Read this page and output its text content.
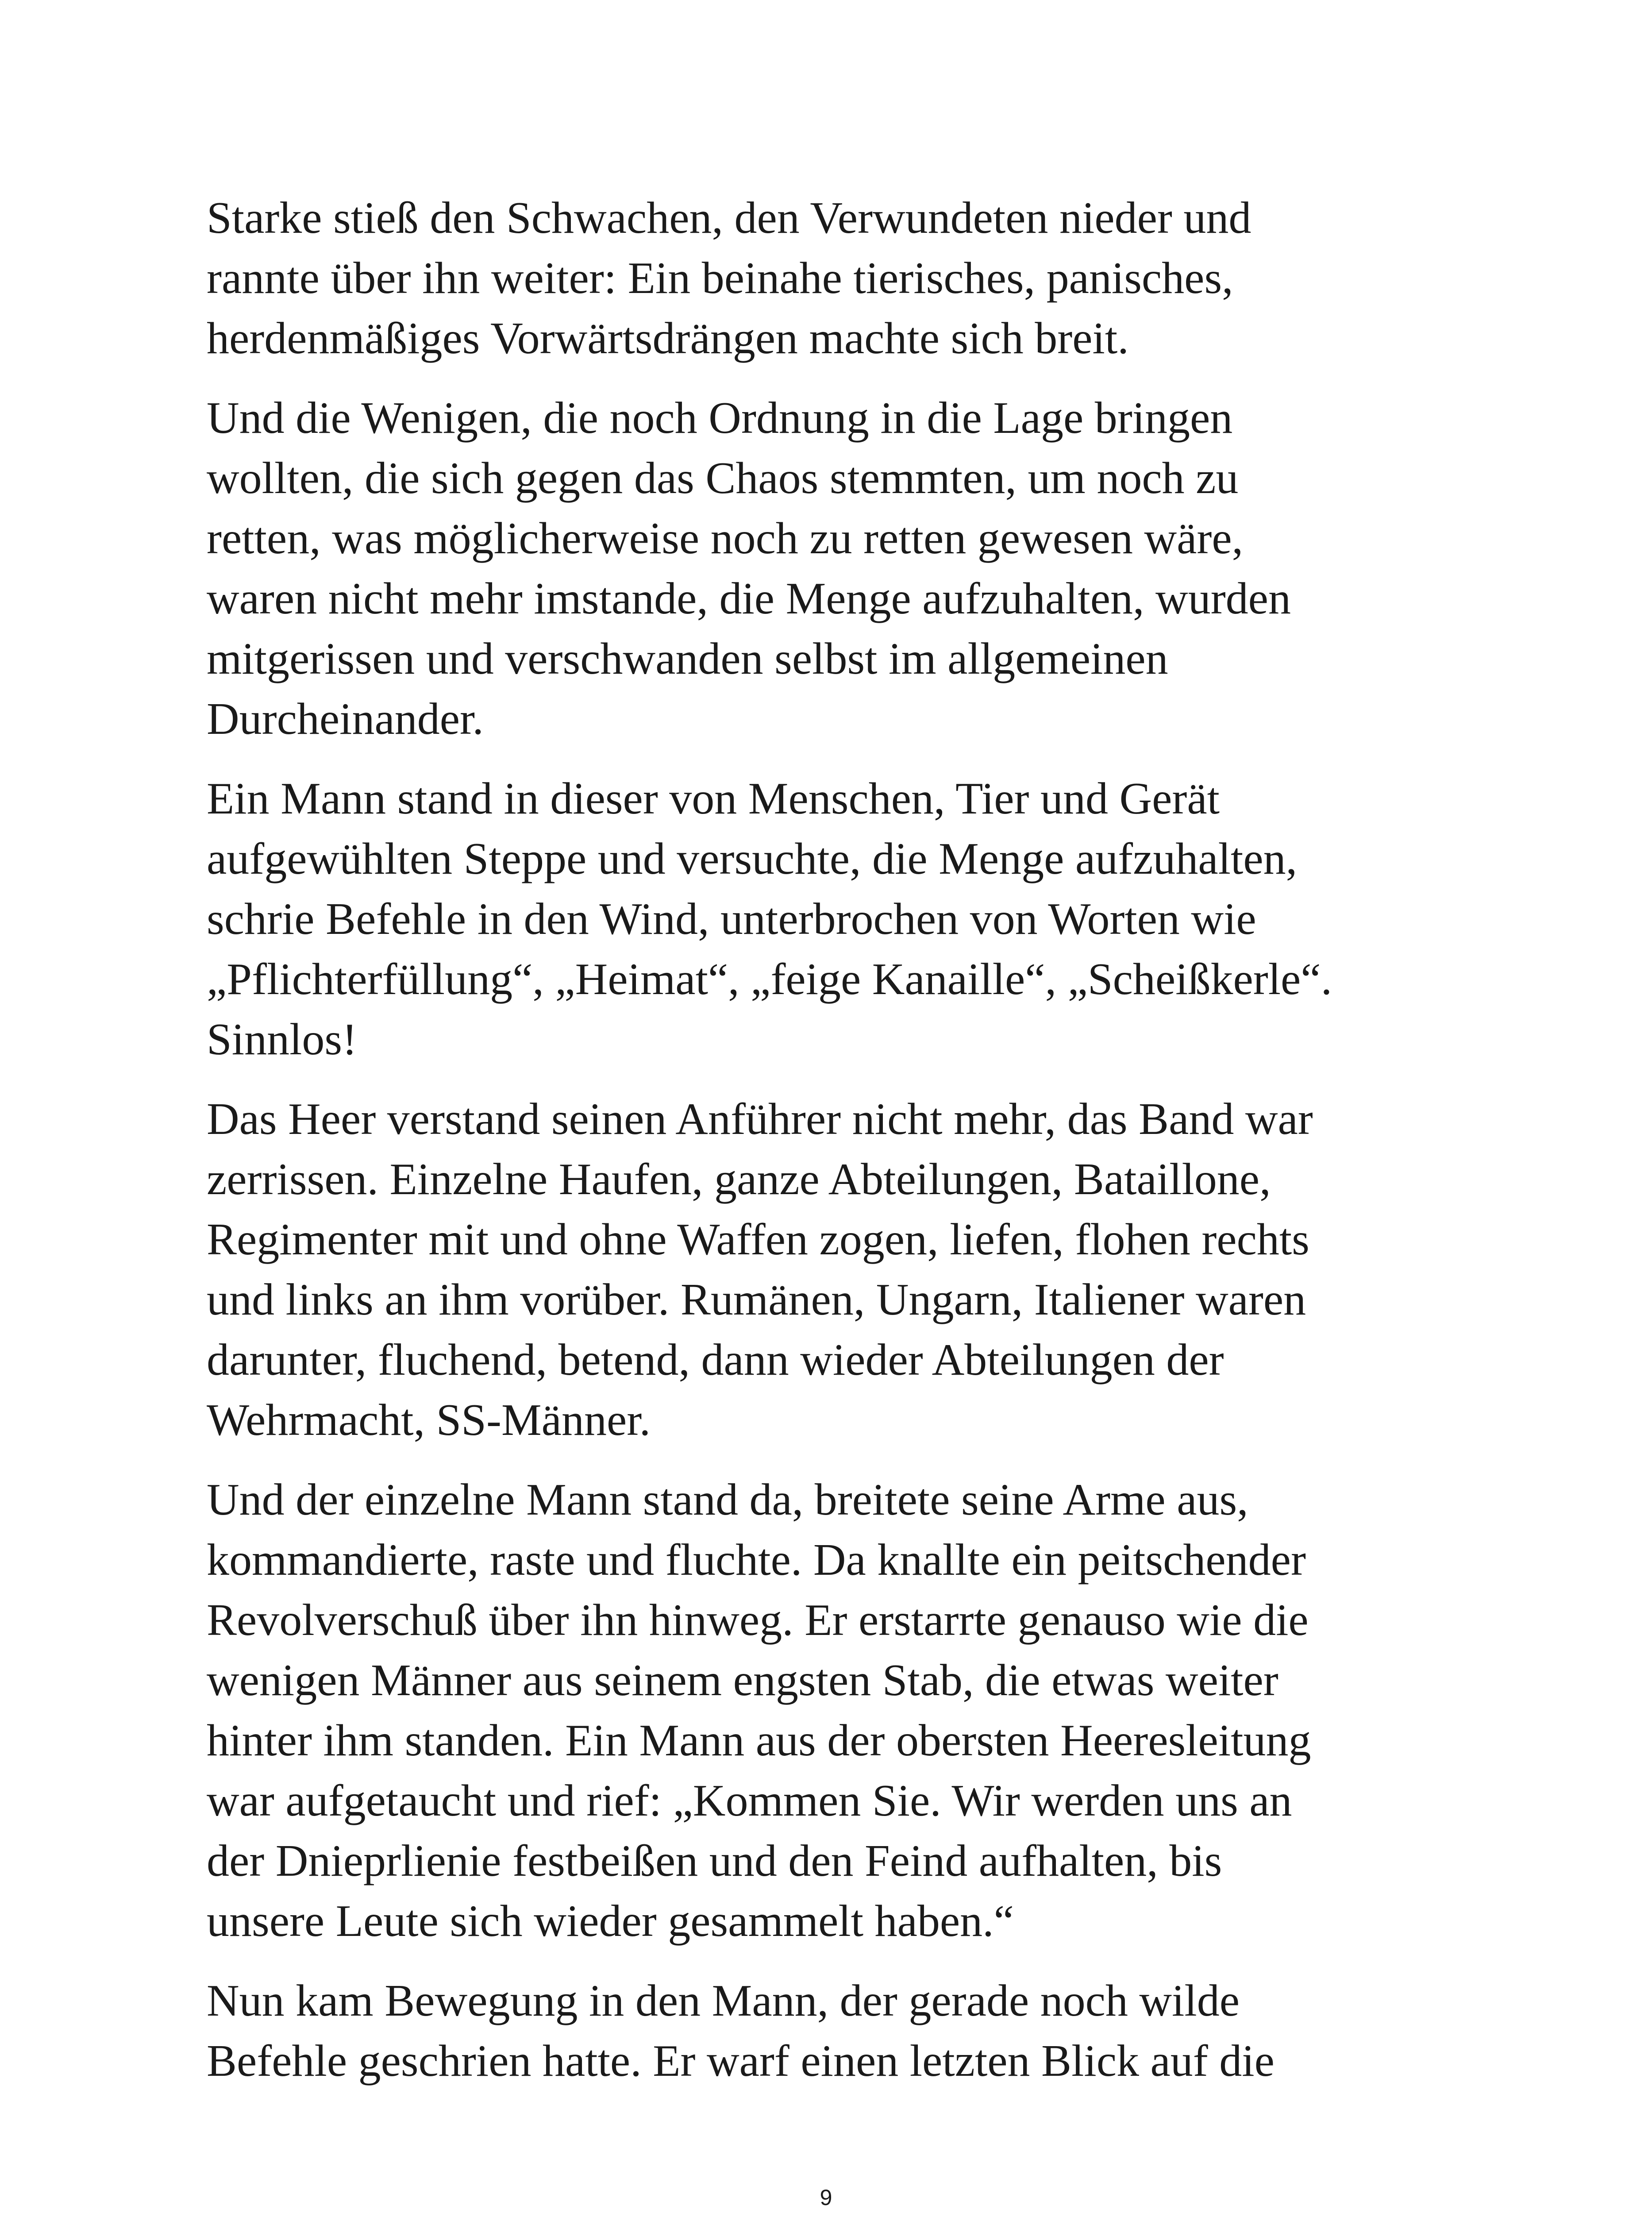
Starke stieß den Schwachen, den Verwundeten nieder und
rannte über ihn weiter: Ein beinahe tierisches, panisches,
herdenmäßiges Vorwärtsdrängen machte sich breit.

Und die Wenigen, die noch Ordnung in die Lage bringen
wollten, die sich gegen das Chaos stemmten, um noch zu
retten, was möglicherweise noch zu retten gewesen wäre,
waren nicht mehr imstande, die Menge aufzuhalten, wurden
mitgerissen und verschwanden selbst im allgemeinen
Durcheinander.

Ein Mann stand in dieser von Menschen, Tier und Gerät
aufgewühlten Steppe und versuchte, die Menge aufzuhalten,
schrie Befehle in den Wind, unterbrochen von Worten wie
„Pflichterfüllung“, „Heimat“, „feige Kanaille“, „Scheißkerle“.
Sinnlos!

Das Heer verstand seinen Anführer nicht mehr, das Band war
zerrissen. Einzelne Haufen, ganze Abteilungen, Bataillone,
Regimenter mit und ohne Waffen zogen, liefen, flohen rechts
und links an ihm vorüber. Rumänen, Ungarn, Italiener waren
darunter, fluchend, betend, dann wieder Abteilungen der
Wehrmacht, SS-Männer.

Und der einzelne Mann stand da, breitete seine Arme aus,
kommandierte, raste und fluchte. Da knallte ein peitschender
Revolverschuß über ihn hinweg. Er erstarrte genauso wie die
wenigen Männer aus seinem engsten Stab, die etwas weiter
hinter ihm standen. Ein Mann aus der obersten Heeresleitung
war aufgetaucht und rief: „Kommen Sie. Wir werden uns an
der Dnieprlienie festbeißen und den Feind aufhalten, bis
unsere Leute sich wieder gesammelt haben.“

Nun kam Bewegung in den Mann, der gerade noch wilde
Befehle geschrien hatte. Er warf einen letzten Blick auf die

9
